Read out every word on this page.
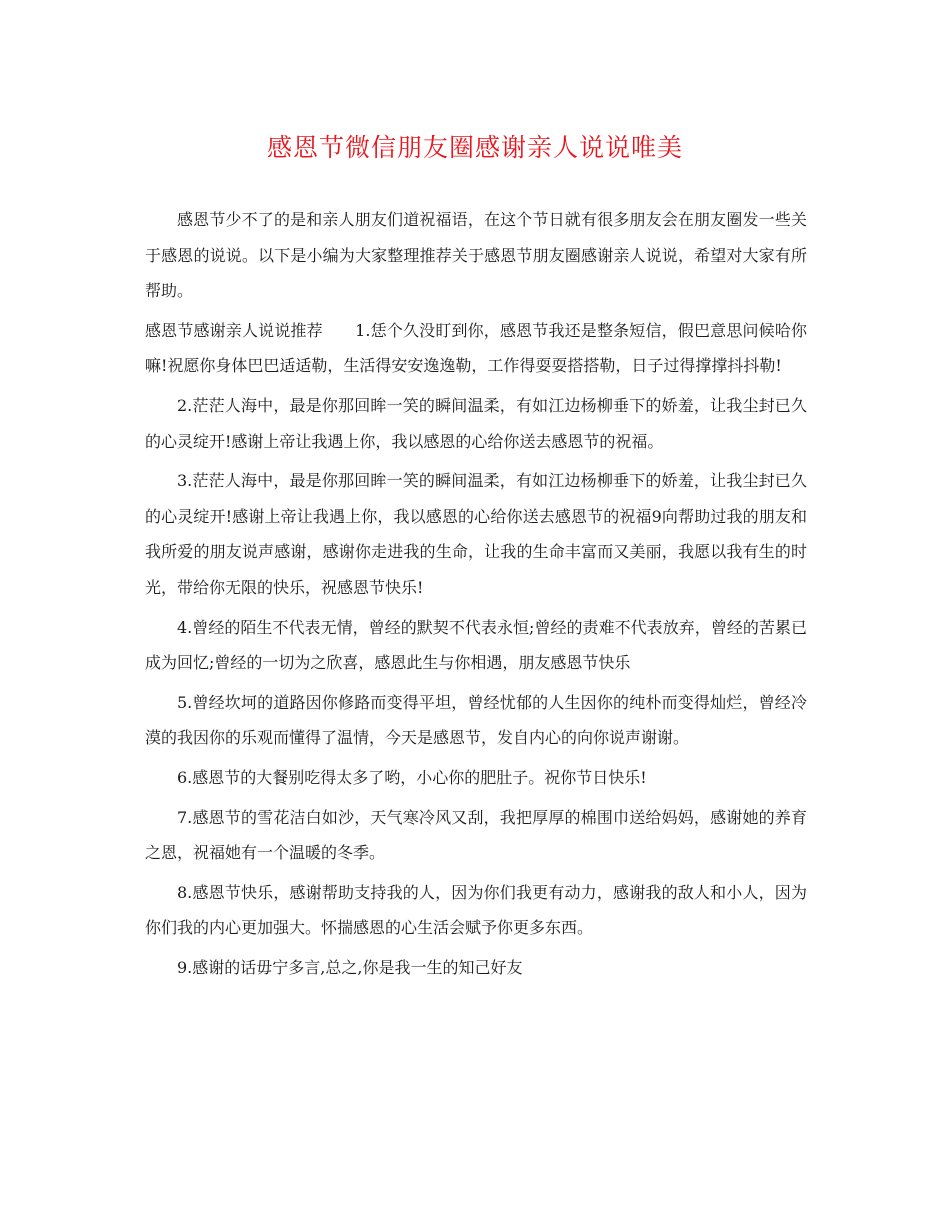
感恩节微信朋友圈感谢亲人说说唯美

感恩节少不了的是和亲人朋友们道祝福语，在这个节日就有很多朋友会在朋友圈发一些关于感恩的说说。以下是小编为大家整理推荐关于感恩节朋友圈感谢亲人说说，希望对大家有所帮助。

感恩节感谢亲人说说推荐　　1.恁个久没盯到你，感恩节我还是整条短信，假巴意思问候哈你嘛!祝愿你身体巴巴适适勒，生活得安安逸逸勒，工作得耍耍搭搭勒，日子过得撑撑抖抖勒!

2.茫茫人海中，最是你那回眸一笑的瞬间温柔，有如江边杨柳垂下的娇羞，让我尘封已久的心灵绽开!感谢上帝让我遇上你，我以感恩的心给你送去感恩节的祝福。

3.茫茫人海中，最是你那回眸一笑的瞬间温柔，有如江边杨柳垂下的娇羞，让我尘封已久的心灵绽开!感谢上帝让我遇上你，我以感恩的心给你送去感恩节的祝福9向帮助过我的朋友和我所爱的朋友说声感谢，感谢你走进我的生命，让我的生命丰富而又美丽，我愿以我有生的时光，带给你无限的快乐，祝感恩节快乐!

4.曾经的陌生不代表无情，曾经的默契不代表永恒;曾经的责难不代表放弃，曾经的苦累已成为回忆;曾经的一切为之欣喜，感恩此生与你相遇，朋友感恩节快乐

5.曾经坎坷的道路因你修路而变得平坦，曾经忧郁的人生因你的纯朴而变得灿烂，曾经冷漠的我因你的乐观而懂得了温情，今天是感恩节，发自内心的向你说声谢谢。

6.感恩节的大餐别吃得太多了哟，小心你的肥肚子。祝你节日快乐!

7.感恩节的雪花洁白如沙，天气寒冷风又刮，我把厚厚的棉围巾送给妈妈，感谢她的养育之恩，祝福她有一个温暖的冬季。

8.感恩节快乐，感谢帮助支持我的人，因为你们我更有动力，感谢我的敌人和小人，因为你们我的内心更加强大。怀揣感恩的心生活会赋予你更多东西。

9.感谢的话毋宁多言,总之,你是我一生的知己好友
